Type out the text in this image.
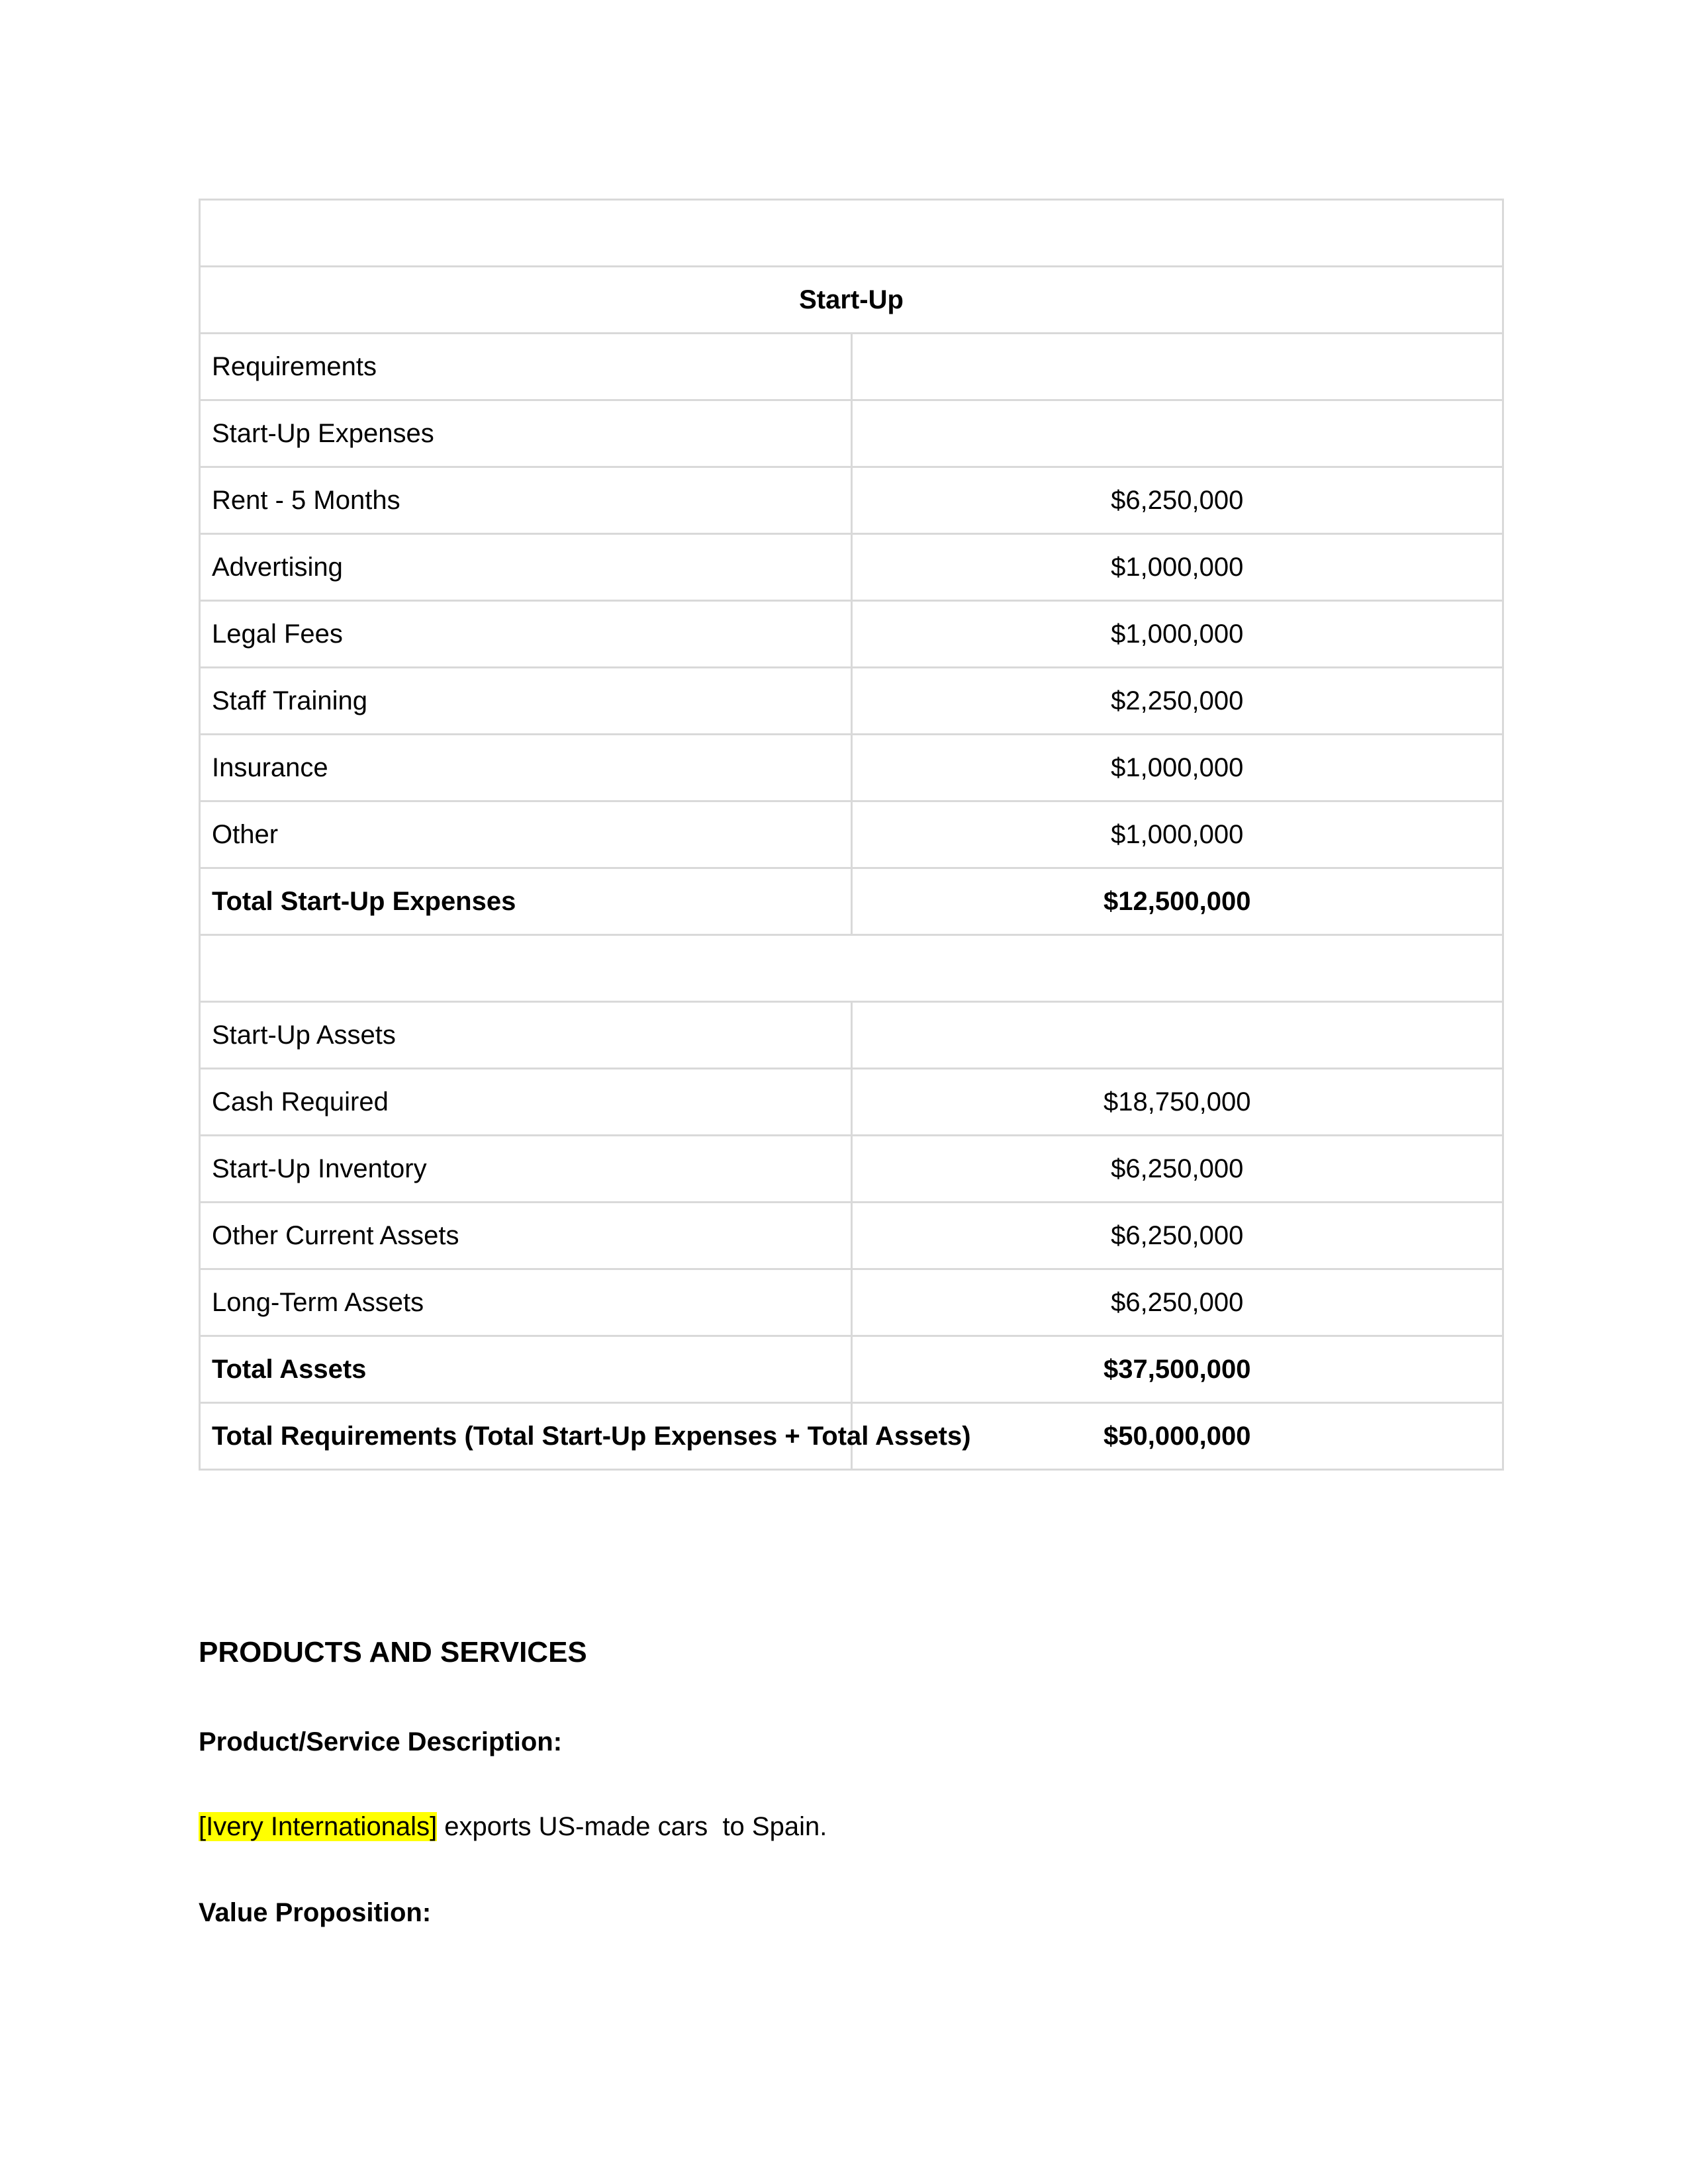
Start-Up	
Requirements	
Start-Up Expenses	
Rent - 5 Months	$6,250,000
Advertising	$1,000,000
Legal Fees	$1,000,000
Staff Training	$2,250,000
Insurance	$1,000,000
Other	$1,000,000
Total Start-Up Expenses	$12,500,000

Start-Up Assets	
Cash Required	$18,750,000
Start-Up Inventory	$6,250,000
Other Current Assets	$6,250,000
Long-Term Assets	$6,250,000
Total Assets	$37,500,000
Total Requirements (Total Start-Up Expenses + Total Assets)	$50,000,000
PRODUCTS AND SERVICES
Product/Service Description:

[Ivery Internationals] exports US-made cars  to Spain.

Value Proposition:
